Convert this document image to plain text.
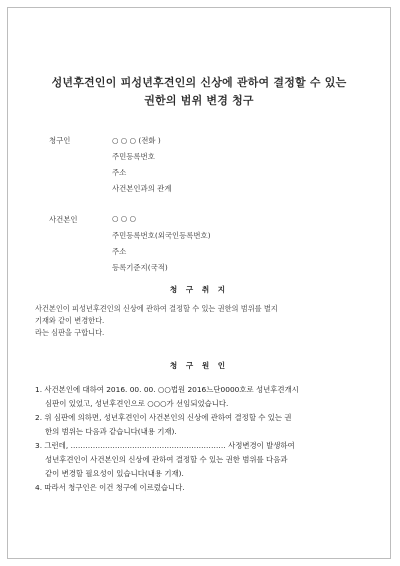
성년후견인이 피성년후견인의 신상에 관하여 결정할 수 있는
권한의 범위 변경 청구
청구인	○ ○ ○ (전화 )
주민등록번호
주소
사건본인과의 관계
사건본인	○ ○ ○
주민등록번호(외국인등록번호)
주소
등록기준지(국적)
청 구 취 지
사건본인이 피성년후견인의 신상에 관하여 결정할 수 있는 권한의 범위를 별지
기재와 같이 변경한다.
라는 심판을 구합니다.
청 구 원 인
1. 사건본인에 대하여 2016. 00. 00. ○○법원 2016느단0000호로 성년후견개시
심판이 있었고, 성년후견인으로 ○○○가 선임되었습니다.
2. 위 심판에 의하면, 성년후견인이 사건본인의 신상에 관하여 결정할 수 있는 권
한의 범위는 다음과 같습니다(내용 기재).
3. 그런데, ……………………………………………………… 사정변경이 발생하여
성년후견인이 사건본인의 신상에 관하여 결정할 수 있는 권한 범위를 다음과
같이 변경할 필요성이 있습니다(내용 기재).
4. 따라서 청구인은 이건 청구에 이르렀습니다.
